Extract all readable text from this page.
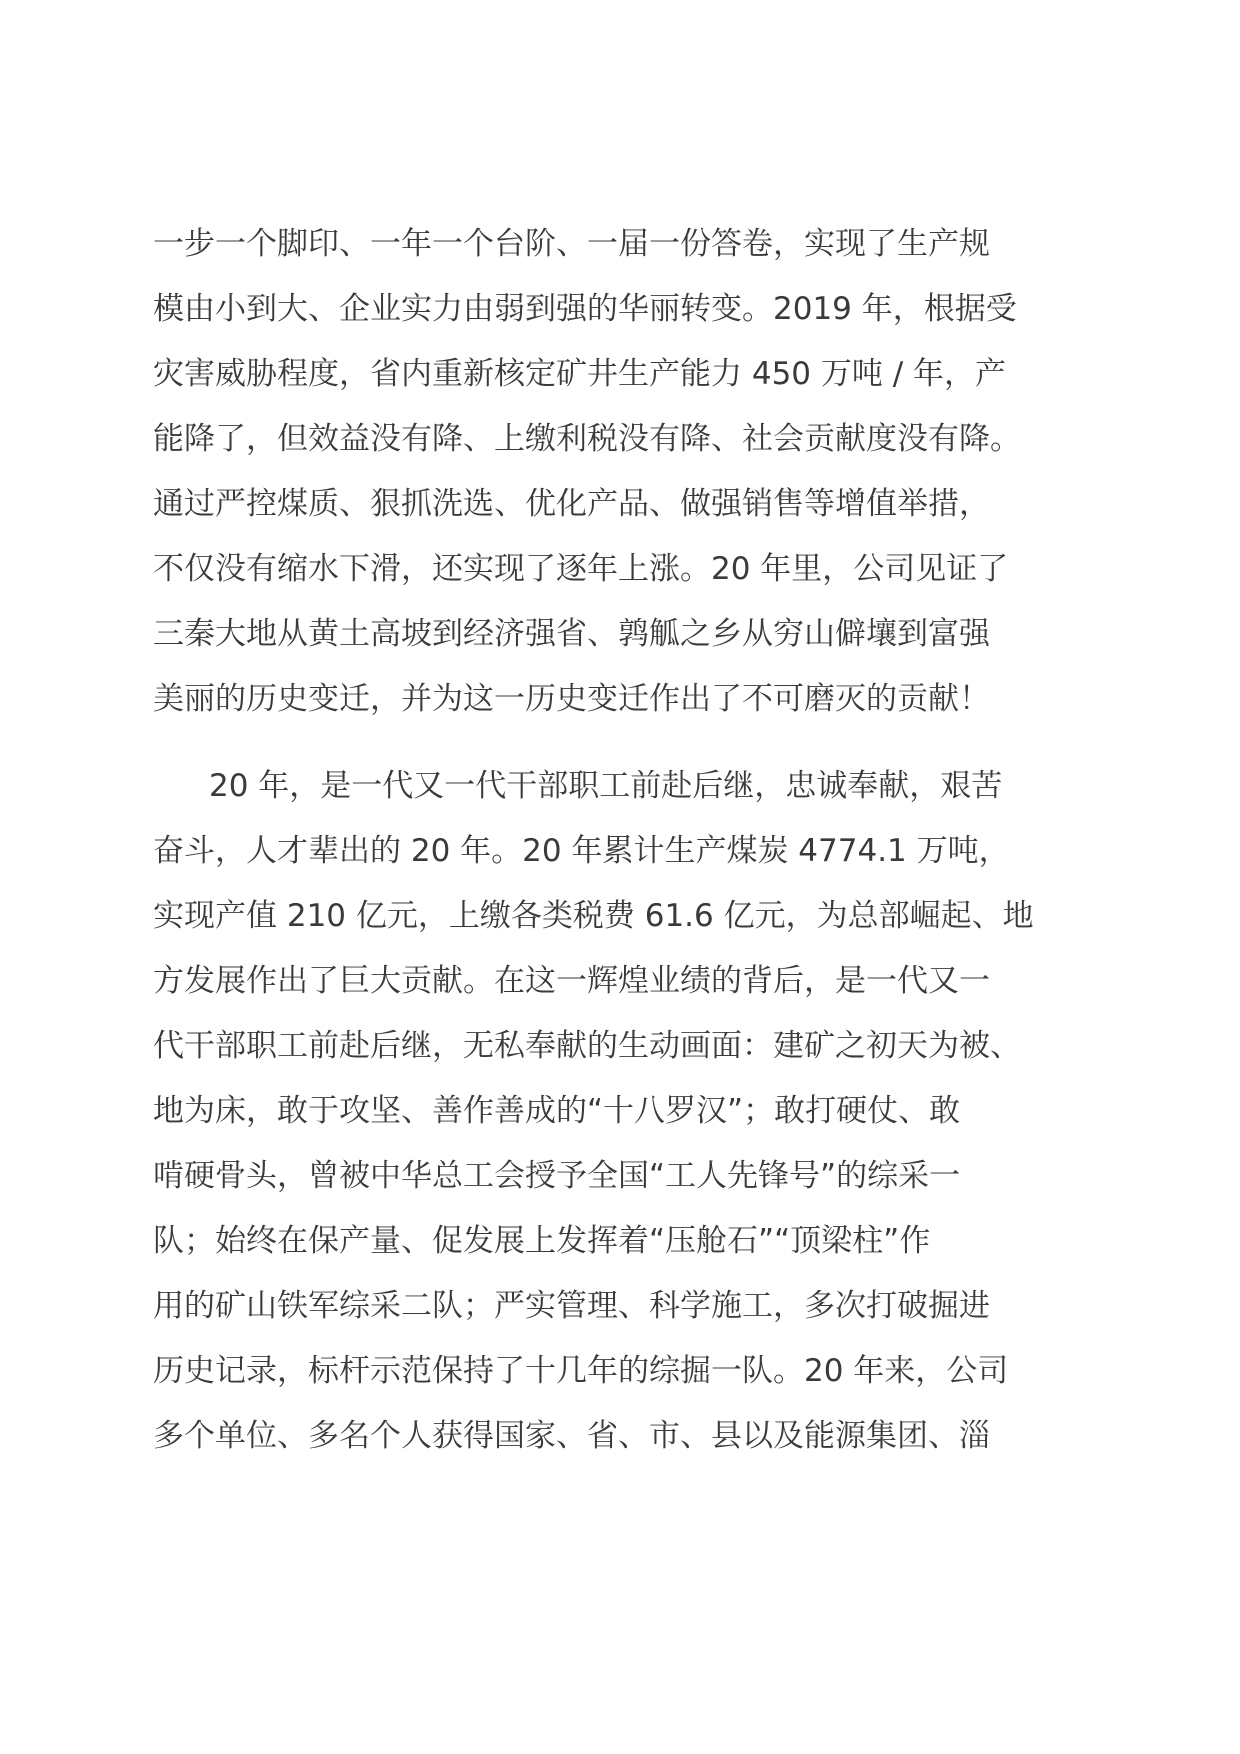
一步一个脚印、一年一个台阶、一届一份答卷，实现了生产规
模由小到大、企业实力由弱到强的华丽转变。2019 年，根据受
灾害威胁程度，省内重新核定矿井生产能力 450 万吨 / 年，产
能降了，但效益没有降、上缴利税没有降、社会贡献度没有降。
通过严控煤质、狠抓洗选、优化产品、做强销售等增值举措，
不仅没有缩水下滑，还实现了逐年上涨。20 年里，公司见证了
三秦大地从黄土高坡到经济强省、鹑觚之乡从穷山僻壤到富强
美丽的历史变迁，并为这一历史变迁作出了不可磨灭的贡献！
20 年，是一代又一代干部职工前赴后继，忠诚奉献，艰苦
奋斗，人才辈出的 20 年。20 年累计生产煤炭 4774.1 万吨，
实现产值 210 亿元，上缴各类税费 61.6 亿元，为总部崛起、地
方发展作出了巨大贡献。在这一辉煌业绩的背后，是一代又一
代干部职工前赴后继，无私奉献的生动画面：建矿之初天为被、
地为床，敢于攻坚、善作善成的“十八罗汉”；敢打硬仗、敢
啃硬骨头，曾被中华总工会授予全国“工人先锋号”的综采一
队；始终在保产量、促发展上发挥着“压舱石”“顶梁柱”作
用的矿山铁军综采二队；严实管理、科学施工，多次打破掘进
历史记录，标杆示范保持了十几年的综掘一队。20 年来，公司
多个单位、多名个人获得国家、省、市、县以及能源集团、淄
